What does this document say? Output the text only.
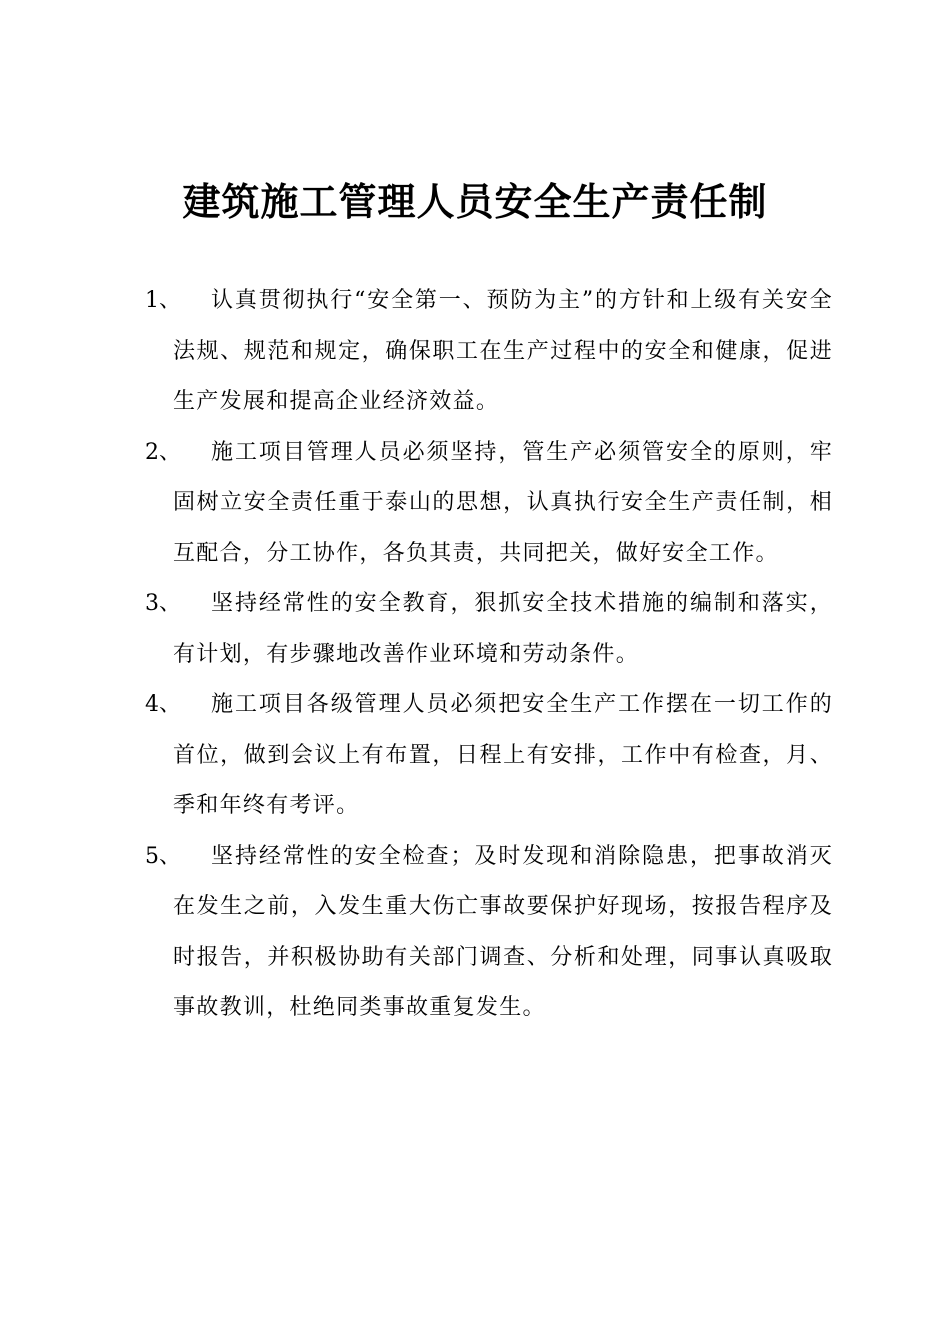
建筑施工管理人员安全生产责任制
1、	认真贯彻执行“安全第一、预防为主”的方针和上级有关安全法规、规范和规定，确保职工在生产过程中的安全和健康，促进生产发展和提高企业经济效益。
2、	施工项目管理人员必须坚持，管生产必须管安全的原则，牢固树立安全责任重于泰山的思想，认真执行安全生产责任制，相互配合，分工协作，各负其责，共同把关，做好安全工作。
3、	坚持经常性的安全教育，狠抓安全技术措施的编制和落实，有计划，有步骤地改善作业环境和劳动条件。
4、	施工项目各级管理人员必须把安全生产工作摆在一切工作的首位，做到会议上有布置，日程上有安排，工作中有检查，月、季和年终有考评。
5、	坚持经常性的安全检查；及时发现和消除隐患，把事故消灭在发生之前，入发生重大伤亡事故要保护好现场，按报告程序及时报告，并积极协助有关部门调查、分析和处理，同事认真吸取事故教训，杜绝同类事故重复发生。
